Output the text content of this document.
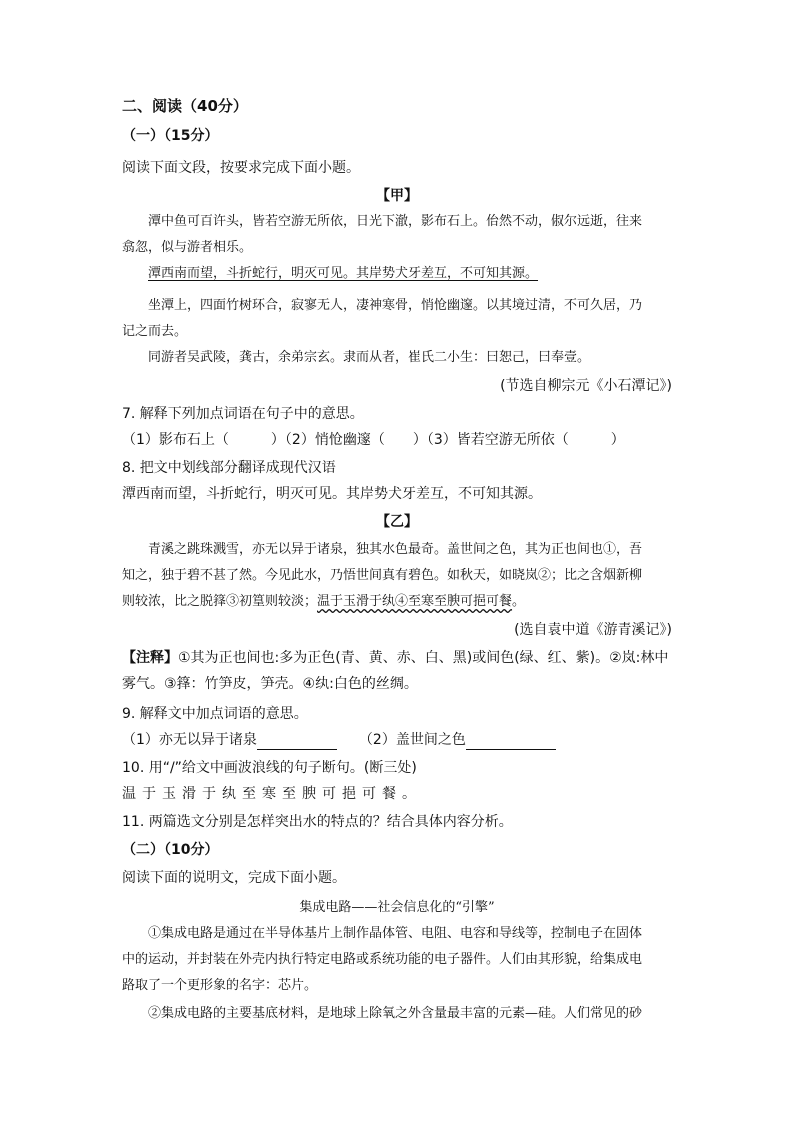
二、阅读（40分）
（一）（15分）
阅读下面文段，按要求完成下面小题。
【甲】
潭中鱼可百许头，皆若空游无所依，日光下澈，影布石上。佁然不动，俶尔远逝，往来
翕忽，似与游者相乐。
潭西南而望，斗折蛇行，明灭可见。其岸势犬牙差互，不可知其源。
坐潭上，四面竹树环合，寂寥无人，凄神寒骨，悄怆幽邃。以其境过清，不可久居，乃
记之而去。
同游者吴武陵，龚古，余弟宗玄。隶而从者，崔氏二小生：曰恕己，曰奉壹。
(节选自柳宗元《小石潭记》)
7. 解释下列加点词语在句子中的意思。
（1）影布石上（　　　）（2）悄怆幽邃（　　）（3）皆若空游无所依（　　　）
8. 把文中划线部分翻译成现代汉语
潭西南而望，斗折蛇行，明灭可见。其岸势犬牙差互，不可知其源。
【乙】
青溪之跳珠溅雪，亦无以异于诸泉，独其水色最奇。盖世间之色，其为正也间也①，吾
知之，独于碧不甚了然。今见此水，乃悟世间真有碧色。如秋天，如晓岚②；比之含烟新柳
则较浓，比之脱箨③初篁则较淡；温于玉滑于纨④至寒至腴可挹可餐。
(选自袁中道《游青溪记》)
【注释】①其为正也间也:多为正色(青、黄、赤、白、黑)或间色(绿、红、紫)。②岚:林中
雾气。③箨：竹笋皮，笋壳。④纨:白色的丝绸。
9. 解释文中加点词语的意思。
（1）亦无以异于诸泉	（2）盖世间之色
10. 用“/”给文中画波浪线的句子断句。(断三处)
温于玉滑于纨至寒至腴可挹可餐。
11. 两篇选文分别是怎样突出水的特点的？结合具体内容分析。
（二）（10分）
阅读下面的说明文，完成下面小题。
集成电路——社会信息化的“引擎”
①集成电路是通过在半导体基片上制作晶体管、电阻、电容和导线等，控制电子在固体
中的运动，并封装在外壳内执行特定电路或系统功能的电子器件。人们由其形貌，给集成电
路取了一个更形象的名字：芯片。
②集成电路的主要基底材料，是地球上除氧之外含量最丰富的元素—硅。人们常见的砂
